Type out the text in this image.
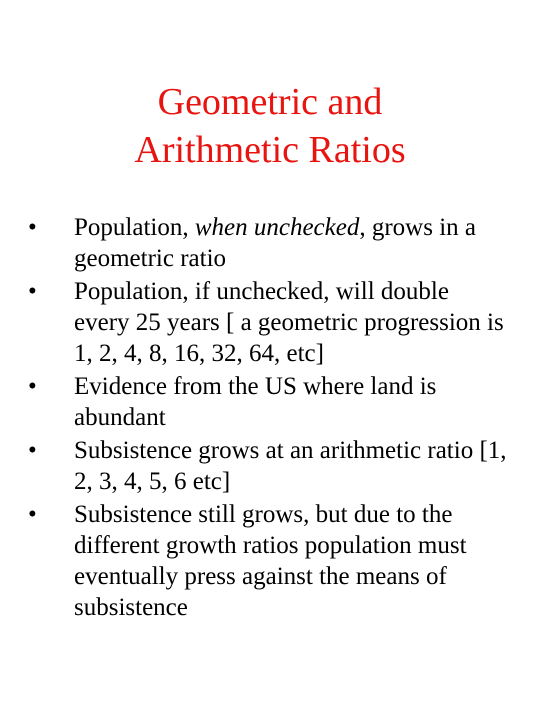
Geometric and
Arithmetic Ratios
•	Population, when unchecked, grows in a geometric ratio
•	Population, if unchecked, will double every 25 years [ a geometric progression is 1, 2, 4, 8, 16, 32, 64, etc]
•	Evidence from the US where land is abundant
•	Subsistence grows at an arithmetic ratio [1, 2, 3, 4, 5, 6 etc]
•	Subsistence still grows, but due to the different growth ratios population must eventually press against the means of subsistence
